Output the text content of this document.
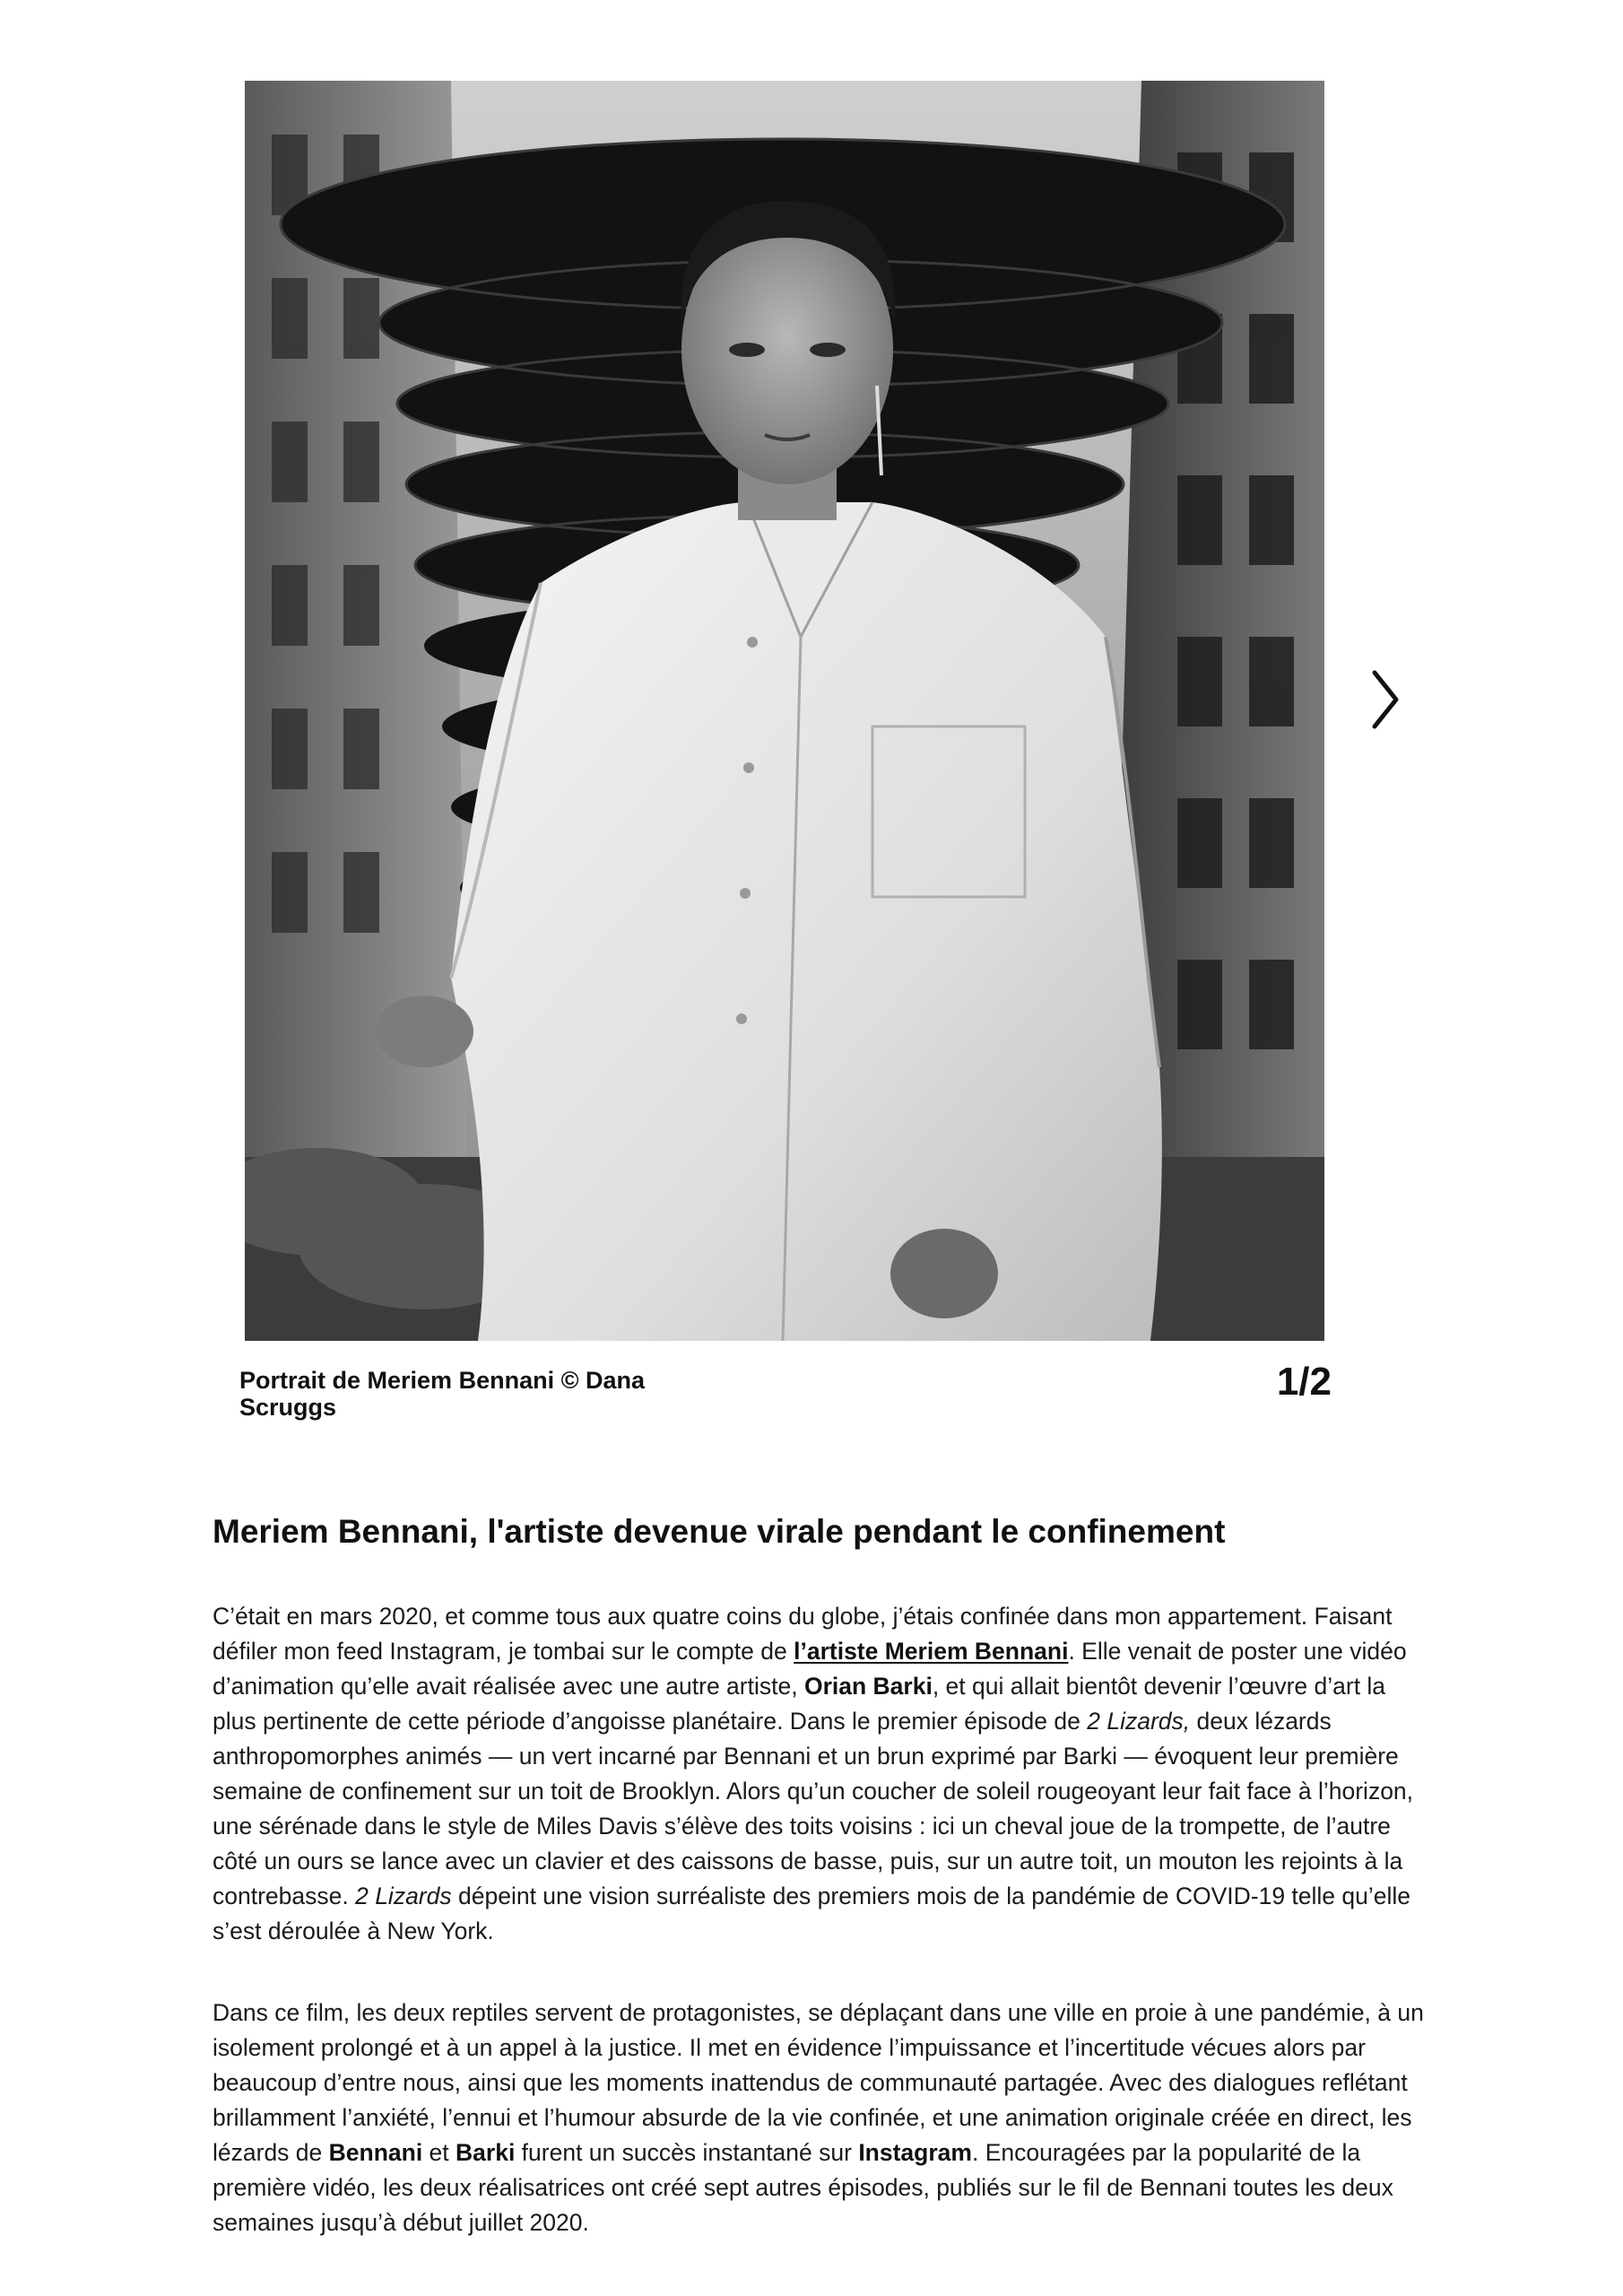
Portrait de Meriem Bennani © Dana Scruggs
1/2
Meriem Bennani, l'artiste devenue virale pendant le confinement

C’était en mars 2020, et comme tous aux quatre coins du globe, j’étais confinée dans mon appartement. Faisant défiler mon feed Instagram, je tombai sur le compte de l’artiste Meriem Bennani. Elle venait de poster une vidéo d’animation qu’elle avait réalisée avec une autre artiste, Orian Barki, et qui allait bientôt devenir l’œuvre d’art la plus pertinente de cette période d’angoisse planétaire. Dans le premier épisode de 2 Lizards, deux lézards anthropomorphes animés — un vert incarné par Bennani et un brun exprimé par Barki — évoquent leur première semaine de confinement sur un toit de Brooklyn. Alors qu’un coucher de soleil rougeoyant leur fait face à l’horizon, une sérénade dans le style de Miles Davis s’élève des toits voisins : ici un cheval joue de la trompette, de l’autre côté un ours se lance avec un clavier et des caissons de basse, puis, sur un autre toit, un mouton les rejoints à la contrebasse. 2 Lizards dépeint une vision surréaliste des premiers mois de la pandémie de COVID-19 telle qu’elle s’est déroulée à New York.

Dans ce film, les deux reptiles servent de protagonistes, se déplaçant dans une ville en proie à une pandémie, à un isolement prolongé et à un appel à la justice. Il met en évidence l’impuissance et l’incertitude vécues alors par beaucoup d’entre nous, ainsi que les moments inattendus de communauté partagée. Avec des dialogues reflétant brillamment l’anxiété, l’ennui et l’humour absurde de la vie confinée, et une animation originale créée en direct, les lézards de Bennani et Barki furent un succès instantané sur Instagram. Encouragées par la popularité de la première vidéo, les deux réalisatrices ont créé sept autres épisodes, publiés sur le fil de Bennani toutes les deux semaines jusqu’à début juillet 2020.
